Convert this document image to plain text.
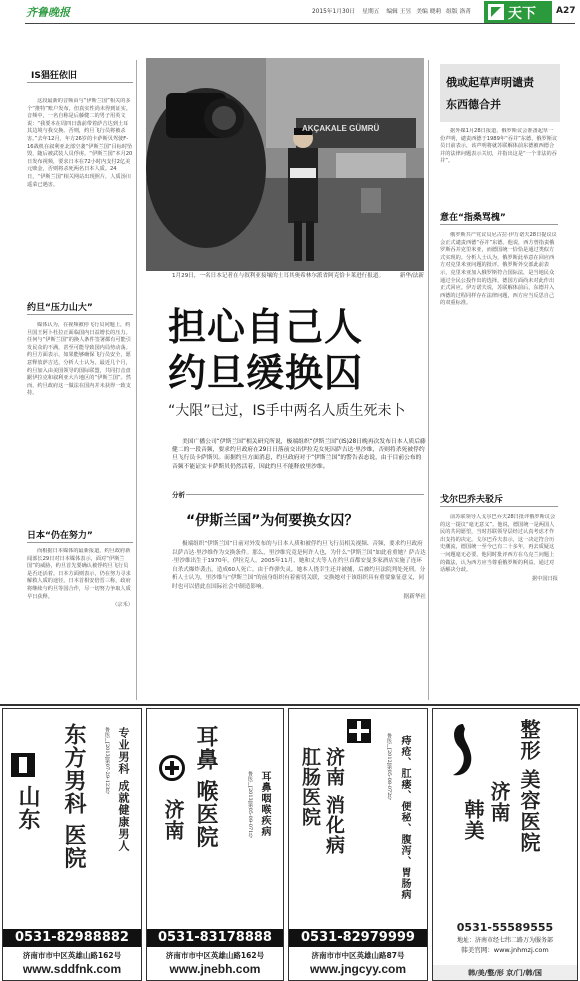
齐鲁晚报	2015年1月30日 星期五 编辑 王昱 美编 晓莉 组版 洛菁	天下 A27
IS猖狂依旧

这段最新的音频由与“伊斯兰国”相关的多个“推特”账户发布，但真实性尚未得到证实。音频中，一名自称是后藤健二的男子用英文说：“我要本在周四日落前带着萨吉达到土耳其边境与我交换。否则，约旦飞行员将被杀害。”去年12月，年方26岁的卡萨斯贝驾驶F-16战机在叙利亚北部空袭“伊斯兰国”目标时坠毁，随后被武装人员俘虏。“伊斯兰国”本月20日发布视频，要求日本在72小时内支付2亿美元赎金，否则将杀死两名日本人质。24日，“伊斯兰国”相关网站出现照片，人质汤川遥菜已遇害。

约旦“压力山大”

媒体认为，在视频被停飞行员问题上，约旦国王阿卜杜拉正面临国内日益增长的压力。任何与“伊斯兰国”的换人条件签署都有可能引发民众的不满，甚至可能导致国内局势动荡。约旦方面表示，如果能够确保飞行员安全，愿意释放萨吉达。分析人士认为，最近几个月，约旦加入由美国领导的国际联盟，共同打击盘踞伊拉克和叙利亚大片地区的“伊斯兰国”。然而，约旦政府这一做法在国内并未获得一致支持。

日本“仍在努力”

而根据日本媒体的最新报道，约旦政府新闻部长29日对日本媒体表示，面对“伊斯兰国”的威胁，约旦首先要确认被俘约旦飞行员是否还活着。日本方面则表示，仍在努力寻求解救人质的途径。日本首相安倍晋三称，政府将继续与约旦等国合作，尽一切努力争取人质早日获释。

（宗禾）

AKÇAKALE GÜMRÜ
1月29日，一名日本记者在与叙利亚接壤的土耳其奥希林尔派省阿克恰卡莱进行报道。	新华/法新
担心自己人
约旦缓换囚
“大限”已过，IS手中两名人质生死未卜

美国广播公司“伊斯兰国”相关研究所说，极端组织“伊斯兰国”(IS)28日晚再次发布日本人质后藤健二的一段音频，要求约旦政府在29日日落前交出伊拉克女死囚萨吉达·里沙维，否则将杀死被俘约旦飞行员卡萨斯贝。而据约旦方面消息，约旦政府对于“伊斯兰国”的警告表态说，由于目前公布的音频不能证实卡萨斯贝仍然活着，因此约旦不能释放里沙维。

分析
“伊斯兰国”为何要换女囚？

极端组织“伊斯兰国”日前对外发布的与日本人质和被俘约旦飞行员相关视频、音频，要求约旦政府以萨吉达·里沙维作为交换条件。那么，里沙维究竟是何许人也，为什么“伊斯兰国”如此看重她？萨吉达·里沙维出生于1970年，伊拉克人。2005年11月，她和丈夫等人在约旦首都安曼多家酒店实施了连环自杀式爆炸袭击，造成60人死亡。由于炸弹失灵，她本人侥幸生还并被捕，后被约旦法院判处死刑。分析人士认为，里沙维与“伊斯兰国”的前身组织有着密切关联，交换她对于该组织具有重要象征意义，同时也可以借此在国际社会中制造影响。

据新华社

俄或起草声明谴责东西德合并

据外媒1月28日报道，俄罗斯议会准备起草一份声明，谴责西德于1989年“吞并”东德，俄罗斯议员日前表示，该声明将就苏联解体前东德被西德合并的法律问题表示关切，并指出这是“一个非法的吞并”。

意在“指桑骂槐”

俄罗斯共产党议员尼古拉·伊万诺夫28日提议议会正式谴责西德“吞并”东德。他说，西方曾指责俄罗斯吞并克里米亚，而德国统一恰恰是通过类似方式实现的。分析人士认为，俄罗斯此举意在回应西方对克里米亚问题的批评。俄罗斯外交部此前表示，克里米亚加入俄罗斯符合国际法，是当地民众通过全民公投作出的选择。德国方面尚未对此作出正式回应。伊万诺夫说，苏联解体前后，东德并入西德的过程同样存在法律问题，西方应当反思自己的双重标准。

戈尔巴乔夫驳斥

前苏联领导人戈尔巴乔夫28日批评俄罗斯议会的这一提议“毫无意义”。他说，德国统一是两国人民的共同愿望，当时苏联领导层经过认真考虑才作出支持的决定。戈尔巴乔夫表示，这一决定符合历史潮流，德国统一至今已有二十多年，再去质疑这一问题毫无必要。他同时批评西方在乌克兰问题上的做法，认为西方应当尊重俄罗斯的利益，通过对话解决分歧。

据中国日报

专业男科 成就健康男人
鲁医广[2013]第07-29-123号
东方男科 医院
山东
0531-82988882
济南市市中区英雄山路162号
www.sddfnk.com
耳鼻咽喉疾病
鲁医广[2013]第05-09-071号
耳鼻 喉医院
济南
0531-83178888
济南市市中区英雄山路162号
www.jnebh.com
痔疮、肛瘘、便秘、腹泻、胃肠病
鲁医广[2012]第05-08-072号
济南 消化病
肛肠医院
0531-82979999
济南市市中区英雄山路87号
www.jngcyy.com
整形 美容医院
济南
韩美
0531-55589555
地址：济南市经七纬二路万为服务部
韩美官网：www.jnhmzj.com
韩/美/整/形 京/门/韩/国
